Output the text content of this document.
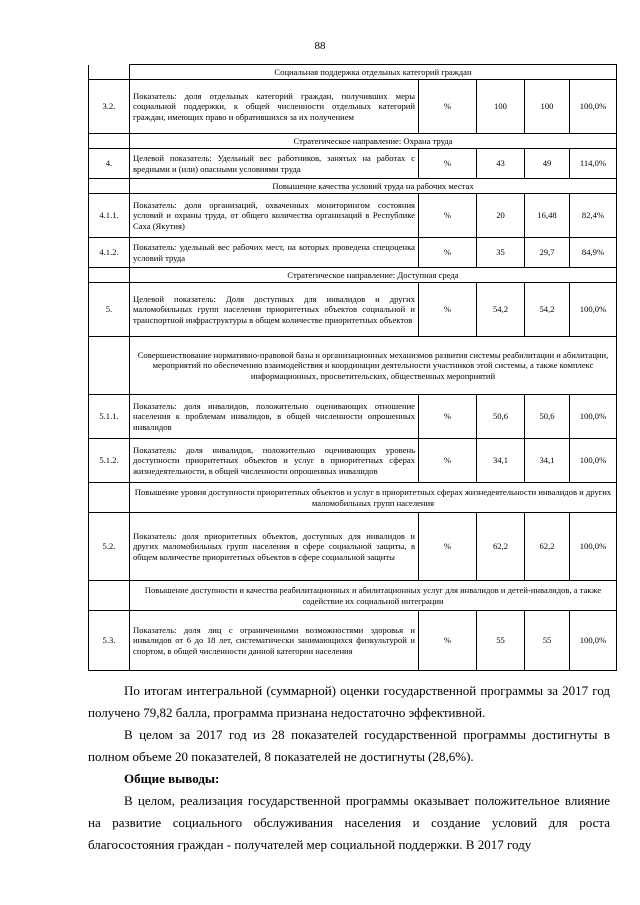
88
	Социальная поддержка отдельных категорий граждан				
3.2.	Показатель: доля отдельных категорий граждан, получивших меры социальной поддержки, к общей численности отдельных категорий граждан, имеющих право и обратившихся за их получением	%	100	100	100,0%
	Стратегическое направление: Охрана труда				
4.	Целевой показатель: Удельный вес работников, занятых на работах с вредными и (или) опасными условиями труда	%	43	49	114,0%
	Повышение качества условий труда на рабочих местах				
4.1.1.	Показатель: доля организаций, охваченных мониторингом состояния условий и охраны труда, от общего количества организаций в Республике Саха (Якутия)	%	20	16,48	82,4%
4.1.2.	Показатель: удельный вес рабочих мест, на которых проведена спецоценка условий труда	%	35	29,7	84,9%
	Стратегическое направление: Доступная среда				
5.	Целевой показатель: Доля доступных для инвалидов и других маломобильных групп населения приоритетных объектов социальной и транспортной инфраструктуры в общем количестве приоритетных объектов	%	54,2	54,2	100,0%
	Совершенствование нормативно-правовой базы и организационных механизмов развития системы реабилитации и абилитации, мероприятий по обеспечению взаимодействия и координации деятельности участников этой системы, а также комплекс информационных, просветительских, общественных мероприятий				
5.1.1.	Показатель: доля инвалидов, положительно оценивающих отношение населения к проблемам инвалидов, в общей численности опрошенных инвалидов	%	50,6	50,6	100,0%
5.1.2.	Показатель: доля инвалидов, положительно оценивающих уровень доступности приоритетных объектов и услуг в приоритетных сферах жизнедеятельности, в общей численности опрошенных инвалидов	%	34,1	34,1	100,0%
	Повышение уровня доступности приоритетных объектов и услуг в приоритетных сферах жизнедеятельности инвалидов и других маломобильных групп населения				
5.2.	Показатель: доля приоритетных объектов, доступных для инвалидов и других маломобильных групп населения в сфере социальной защиты, в общем количестве приоритетных объектов в сфере социальной защиты	%	62,2	62,2	100,0%
	Повышение доступности и качества реабилитационных и абилитационных услуг для инвалидов и детей-инвалидов, а также содействие их социальной интеграции				
5.3.	Показатель: доля лиц с ограниченными возможностями здоровья и инвалидов от 6 до 18 лет, систематически занимающихся физкультурой и спортом, в общей численности данной категории населения	%	55	55	100,0%

По итогам интегральной (суммарной) оценки государственной программы за 2017 год получено 79,82 балла, программа признана недостаточно эффективной.

В целом за 2017 год из 28 показателей государственной программы достигнуты в полном объеме 20 показателей, 8 показателей не достигнуты (28,6%).

Общие выводы:

В целом, реализация государственной программы оказывает положительное влияние на развитие социального обслуживания населения и создание условий для роста благосостояния граждан - получателей мер социальной поддержки. В 2017 году
